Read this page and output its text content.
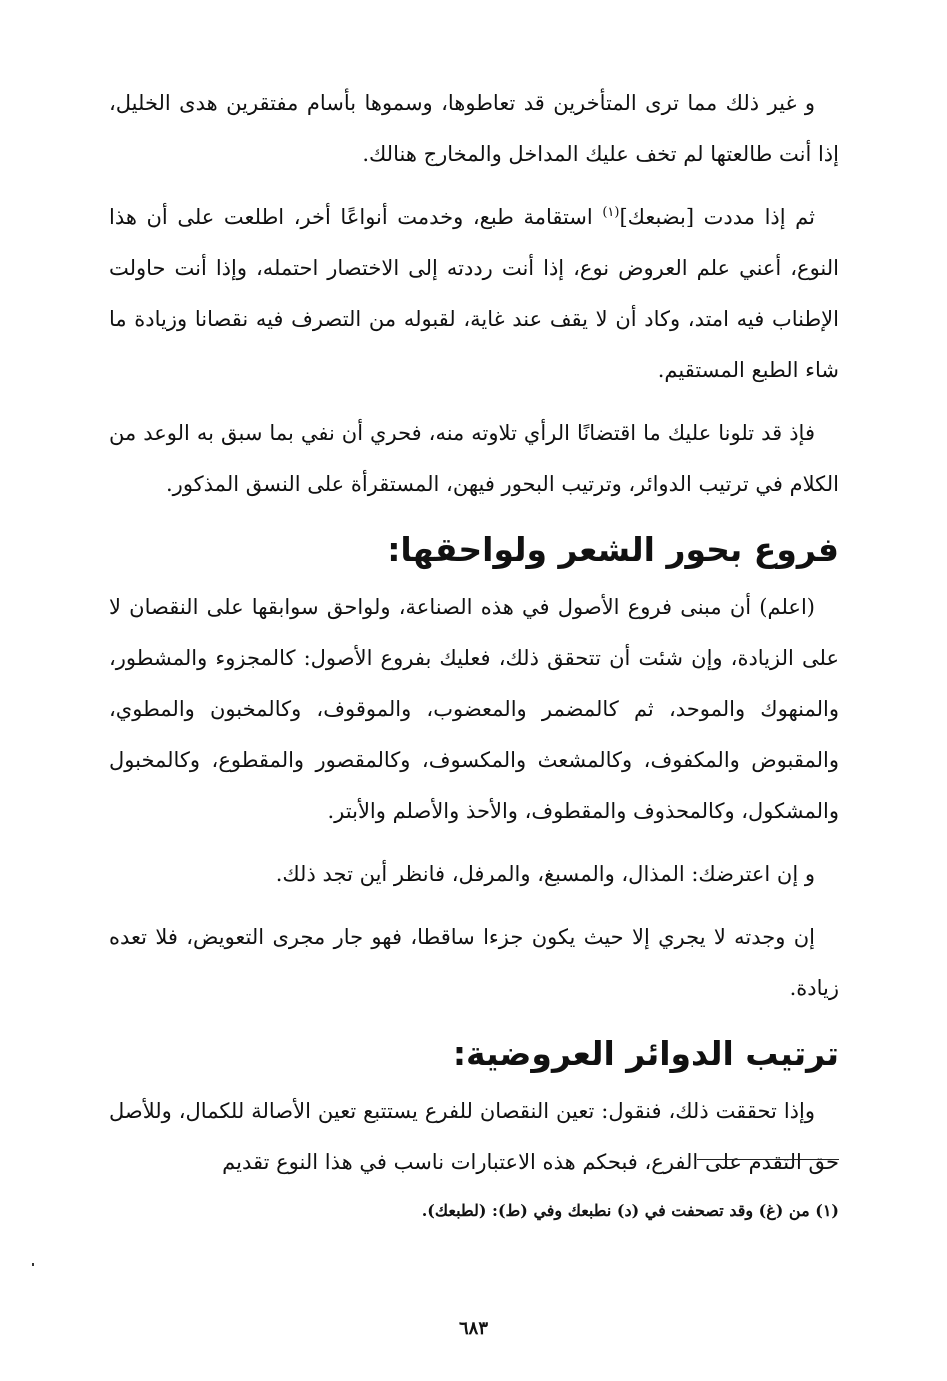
و غير ذلك مما ترى المتأخرين قد تعاطوها، وسموها بأسام مفتقرين هدى الخليل، إذا أنت طالعتها لم تخف عليك المداخل والمخارج هنالك.

ثم إذا مددت [بضبعك]$^{(١)}$ استقامة طبع، وخدمت أنواعًا أخر، اطلعت على أن هذا النوع، أعني علم العروض نوع، إذا أنت رددته إلى الاختصار احتمله، وإذا أنت حاولت الإطناب فيه امتد، وكاد أن لا يقف عند غاية، لقبوله من التصرف فيه نقصانا وزيادة ما شاء الطبع المستقيم.

فإذ قد تلونا عليك ما اقتضانًا الرأي تلاوته منه، فحري أن نفي بما سبق به الوعد من الكلام في ترتيب الدوائر، وترتيب البحور فيهن، المستقرأة على النسق المذكور.

فروع بحور الشعر ولواحقها:

(اعلم) أن مبنى فروع الأصول في هذه الصناعة، ولواحق سوابقها على النقصان لا على الزيادة، وإن شئت أن تتحقق ذلك، فعليك بفروع الأصول: كالمجزوء والمشطور، والمنهوك والموحد، ثم كالمضمر والمعضوب، والموقوف، وكالمخبون والمطوي، والمقبوض والمكفوف، وكالمشعث والمكسوف، وكالمقصور والمقطوع، وكالمخبول والمشكول، وكالمحذوف والمقطوف، والأحذ والأصلم والأبتر.

و إن اعترضك: المذال، والمسبغ، والمرفل، فانظر أين تجد ذلك.

إن وجدته لا يجري إلا حيث يكون جزءا ساقطا، فهو جار مجرى التعويض، فلا تعده زيادة.

ترتيب الدوائر العروضية:

وإذا تحققت ذلك، فنقول: تعين النقصان للفرع يستتبع تعين الأصالة للكمال، وللأصل حق التقدم على الفرع، فبحكم هذه الاعتبارات ناسب في هذا النوع تقديم

(١) من (غ) وقد تصحفت في (د) نطبعك وفي (ط): (لطبعك).
٦٨٣
